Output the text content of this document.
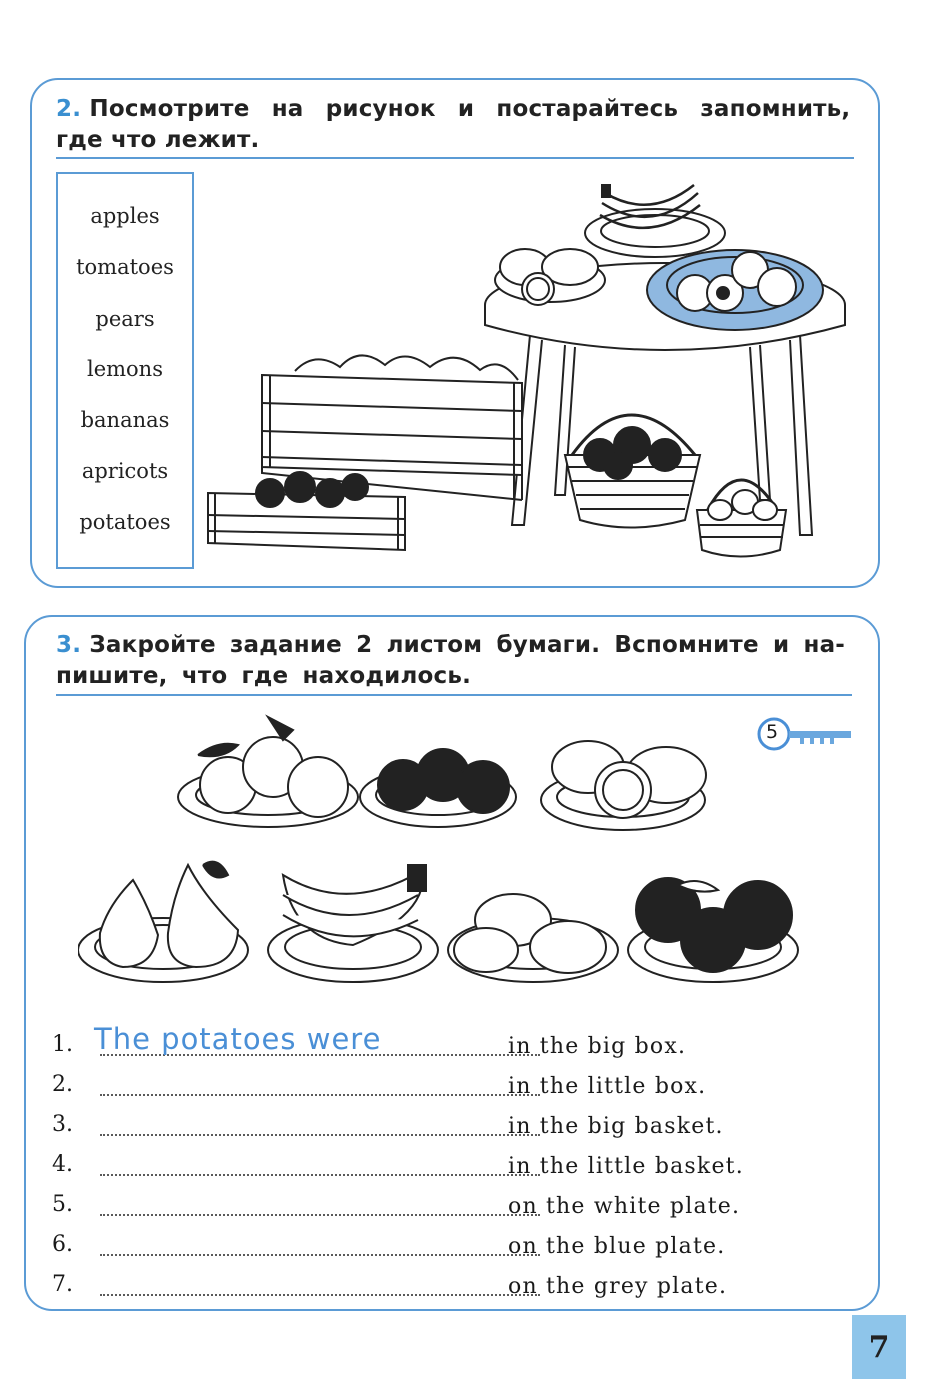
2. Посмотрите на рисунок и постарайтесь запомнить,
где что лежит.
apples
tomatoes
pears
lemons
bananas
apricots
potatoes
3. Закройте задание 2 листом бумаги. Вспомните и на-
пишите, что где находилось.
5
1. The potatoes were	in the big box.
2.	in the little box.
3.	in the big basket.
4.	in the little basket.
5.	on the white plate.
6.	on the blue plate.
7.	on the grey plate.
7
